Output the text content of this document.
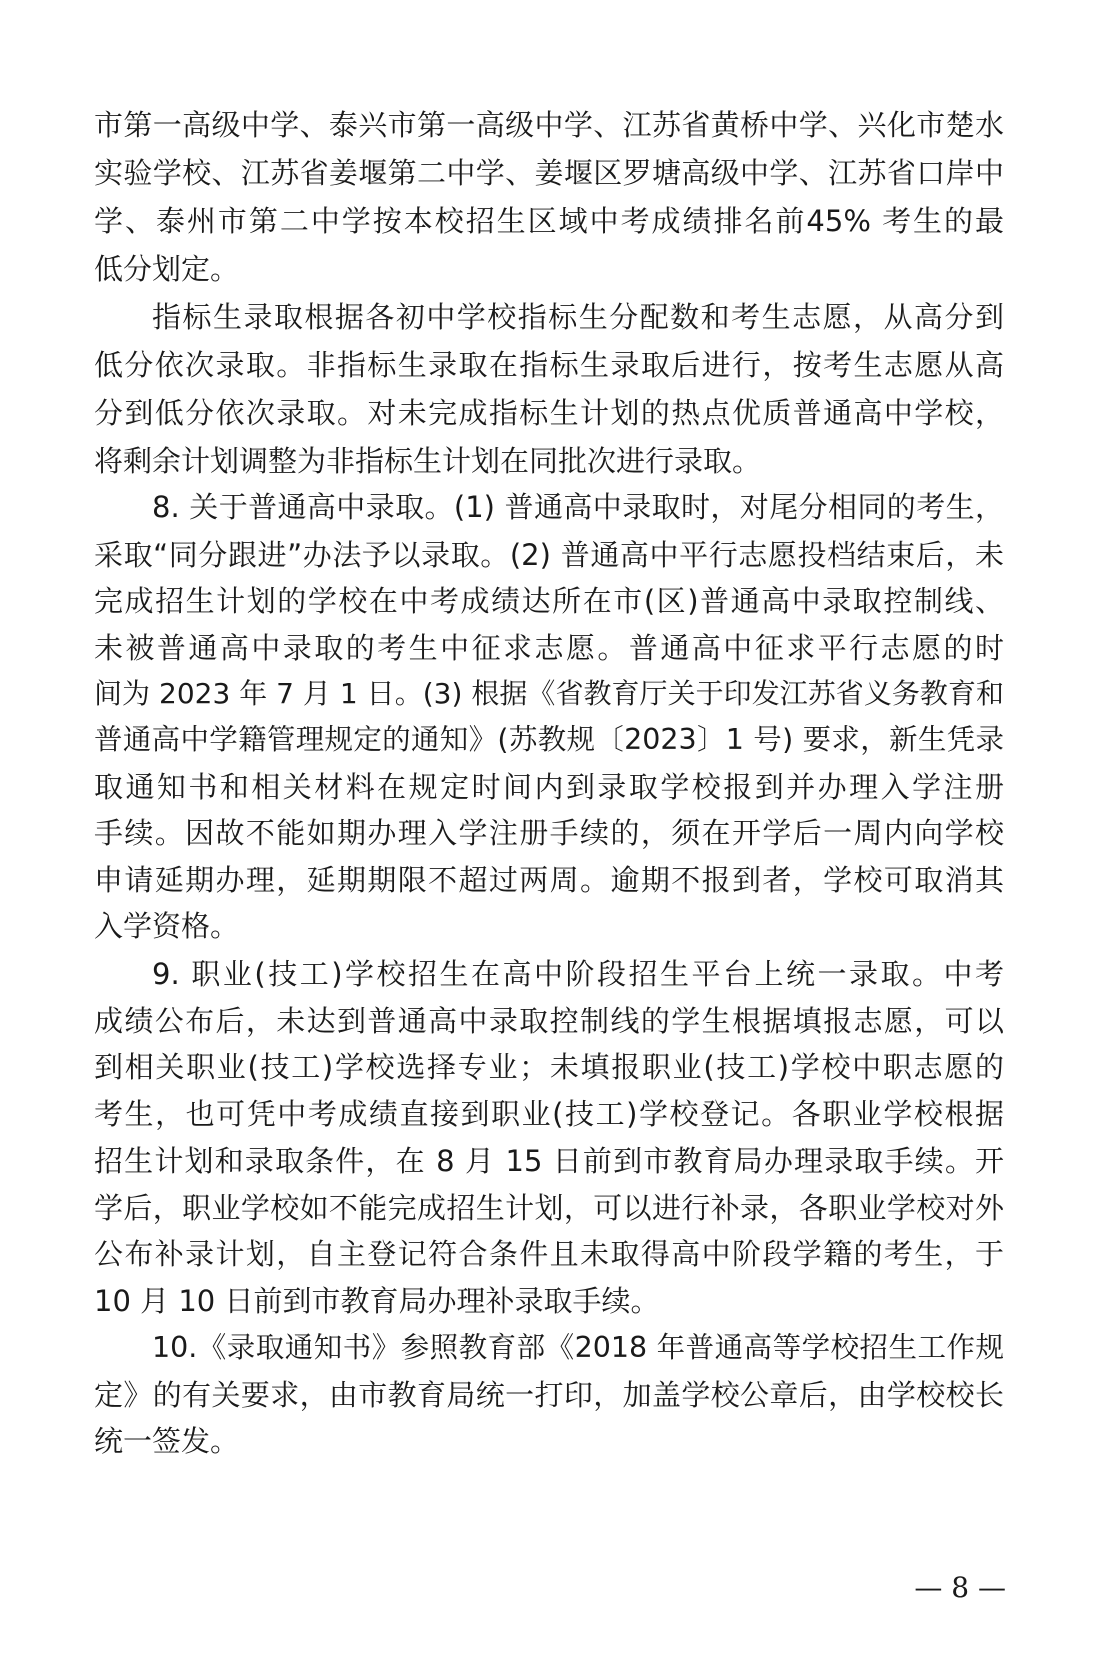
市第一高级中学、泰兴市第一高级中学、江苏省黄桥中学、兴化市楚水
实验学校、江苏省姜堰第二中学、姜堰区罗塘高级中学、江苏省口岸中
学、泰州市第二中学按本校招生区域中考成绩排名前45% 考生的最
低分划定。
指标生录取根据各初中学校指标生分配数和考生志愿，从高分到
低分依次录取。非指标生录取在指标生录取后进行，按考生志愿从高
分到低分依次录取。对未完成指标生计划的热点优质普通高中学校，
将剩余计划调整为非指标生计划在同批次进行录取。
8. 关于普通高中录取。(1) 普通高中录取时，对尾分相同的考生，
采取“同分跟进”办法予以录取。(2) 普通高中平行志愿投档结束后，未
完成招生计划的学校在中考成绩达所在市(区)普通高中录取控制线、
未被普通高中录取的考生中征求志愿。普通高中征求平行志愿的时
间为 2023 年 7 月 1 日。(3) 根据《省教育厅关于印发江苏省义务教育和
普通高中学籍管理规定的通知》(苏教规〔2023〕1 号) 要求，新生凭录
取通知书和相关材料在规定时间内到录取学校报到并办理入学注册
手续。因故不能如期办理入学注册手续的，须在开学后一周内向学校
申请延期办理，延期期限不超过两周。逾期不报到者，学校可取消其
入学资格。
9. 职业(技工)学校招生在高中阶段招生平台上统一录取。中考
成绩公布后，未达到普通高中录取控制线的学生根据填报志愿，可以
到相关职业(技工)学校选择专业；未填报职业(技工)学校中职志愿的
考生，也可凭中考成绩直接到职业(技工)学校登记。各职业学校根据
招生计划和录取条件，在 8 月 15 日前到市教育局办理录取手续。开
学后，职业学校如不能完成招生计划，可以进行补录，各职业学校对外
公布补录计划，自主登记符合条件且未取得高中阶段学籍的考生，于
10 月 10 日前到市教育局办理补录取手续。
10.《录取通知书》参照教育部《2018 年普通高等学校招生工作规
定》的有关要求，由市教育局统一打印，加盖学校公章后，由学校校长
统一签发。
— 8 —
